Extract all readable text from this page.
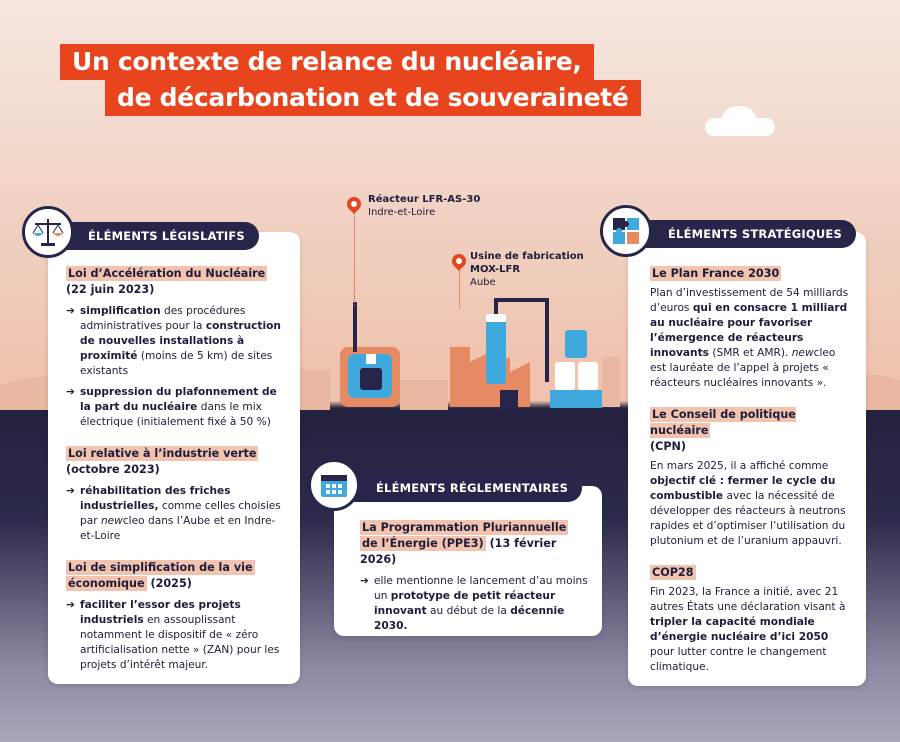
Un contexte de relance du nucléaire,
de décarbonation et de souveraineté
Réacteur LFR-AS-30
Indre-et-Loire
Usine de fabrication
MOX-LFR
Aube
Loi d’Accélération du Nucléaire
(22 juin 2023)
➔ simplification des procédures administratives pour la construction de nouvelles installations à proximité (moins de 5 km) de sites existants
➔ suppression du plafonnement de la part du nucléaire dans le mix électrique (initialement fixé à 50 %)
Loi relative à l’industrie verte
(octobre 2023)
➔ réhabilitation des friches industrielles, comme celles choisies par newcleo dans l’Aube et en Indre-et-Loire
Loi de simplification de la vie
économique (2025)
➔ faciliter l’essor des projets industriels en assouplissant notamment le dispositif de « zéro artificialisation nette » (ZAN) pour les projets d’intérêt majeur.
ÉLÉMENTS LÉGISLATIFS
La Programmation Pluriannuelle
de l’Énergie (PPE3) (13 février 2026)
➔ elle mentionne le lancement d’au moins un prototype de petit réacteur innovant au début de la décennie 2030.
ÉLÉMENTS RÉGLEMENTAIRES
Le Plan France 2030
Plan d’investissement de 54 milliards d’euros qui en consacre 1 milliard au nucléaire pour favoriser l’émergence de réacteurs innovants (SMR et AMR). newcleo est lauréate de l’appel à projets « réacteurs nucléaires innovants ».
Le Conseil de politique nucléaire
(CPN)
En mars 2025, il a affiché comme objectif clé : fermer le cycle du combustible avec la nécessité de développer des réacteurs à neutrons rapides et d’optimiser l’utilisation du plutonium et de l’uranium appauvri.
COP28
Fin 2023, la France a initié, avec 21 autres États une déclaration visant à tripler la capacité mondiale d’énergie nucléaire d’ici 2050 pour lutter contre le changement climatique.
ÉLÉMENTS STRATÉGIQUES
